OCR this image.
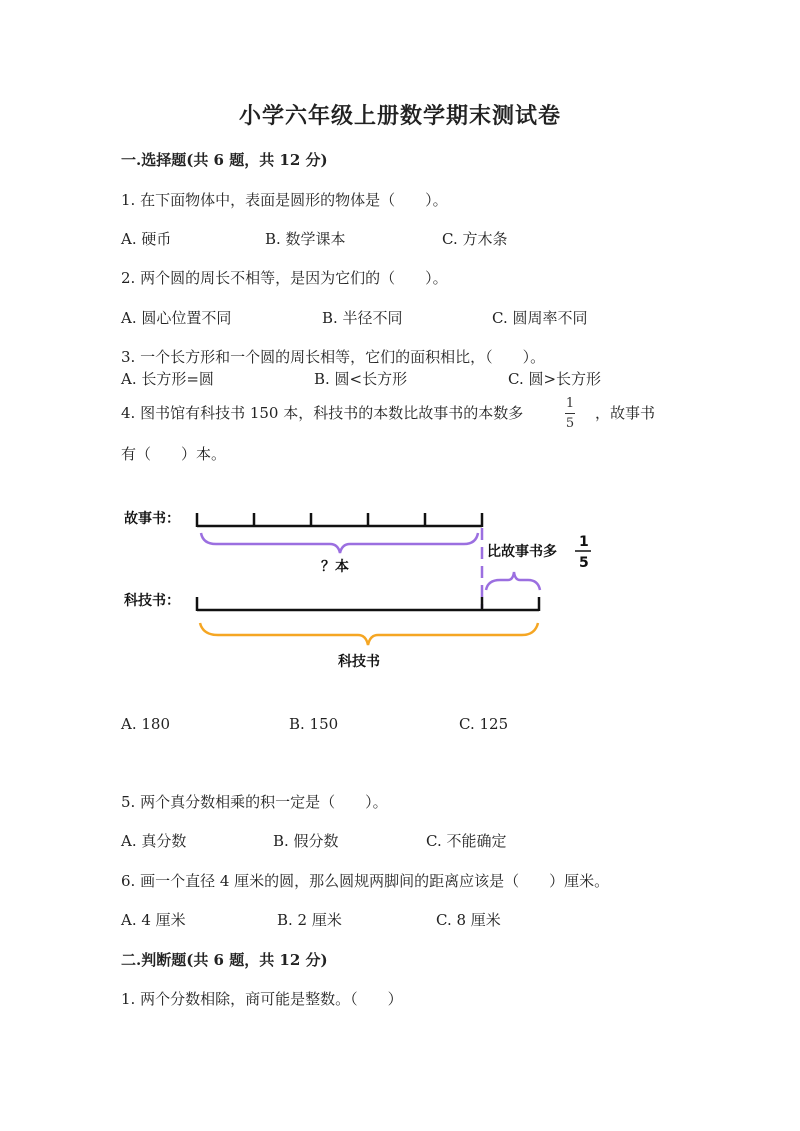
小学六年级上册数学期末测试卷
一.选择题(共 6 题，共 12 分)
1. 在下面物体中，表面是圆形的物体是（　　）。
A. 硬币	B. 数学课本	C. 方木条
2. 两个圆的周长不相等，是因为它们的（　　）。
A. 圆心位置不同	B. 半径不同	C. 圆周率不同
3. 一个长方形和一个圆的周长相等，它们的面积相比，（　　）。
A. 长方形=圆	B. 圆<长方形	C. 圆>长方形
4. 图书馆有科技书 150 本，科技书的本数比故事书的本数多
1
5
，故事书
有（　　）本。
故事书：
？本
比故事书多
1
5
科技书：
科技书
A. 180	B. 150	C. 125
5. 两个真分数相乘的积一定是（　　）。
A. 真分数	B. 假分数	C. 不能确定
6. 画一个直径 4 厘米的圆，那么圆规两脚间的距离应该是（　　）厘米。
A. 4 厘米	B. 2 厘米	C. 8 厘米
二.判断题(共 6 题，共 12 分)
1. 两个分数相除，商可能是整数。（　　）
